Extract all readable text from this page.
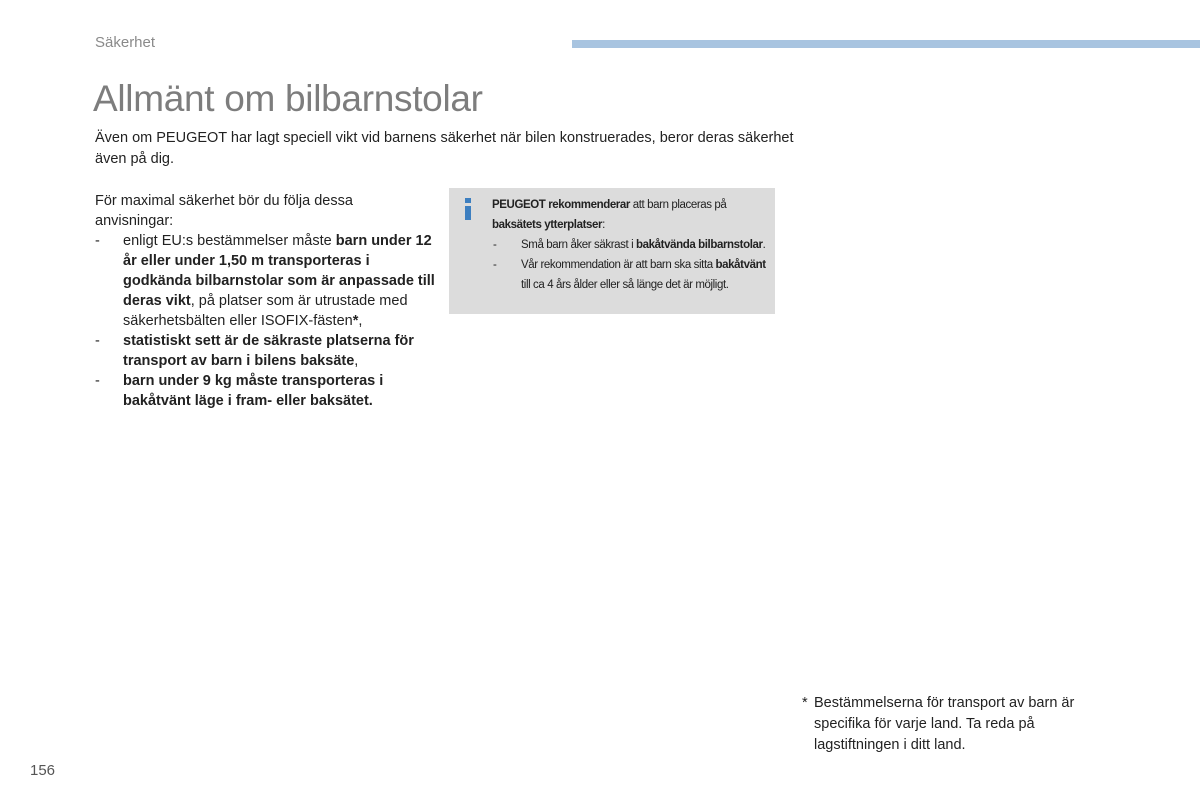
Säkerhet
Allmänt om bilbarnstolar

Även om PEUGEOT har lagt speciell vikt vid barnens säkerhet när bilen konstruerades, beror deras säkerhet även på dig.

För maximal säkerhet bör du följa dessa anvisningar:

- enligt EU:s bestämmelser måste barn under 12 år eller under 1,50 m transporteras i godkända bilbarnstolar som är anpassade till deras vikt, på platser som är utrustade med säkerhetsbälten eller ISOFIX-fästen*,
- statistiskt sett är de säkraste platserna för transport av barn i bilens baksäte,
- barn under 9 kg måste transporteras i bakåtvänt läge i fram- eller baksätet.

PEUGEOT rekommenderar att barn placeras på baksätets ytterplatser:

- Små barn åker säkrast i bakåtvända bilbarnstolar.
- Vår rekommendation är att barn ska sitta bakåtvänt till ca 4 års ålder eller så länge det är möjligt.
* Bestämmelserna för transport av barn är specifika för varje land. Ta reda på lagstiftningen i ditt land.
156
